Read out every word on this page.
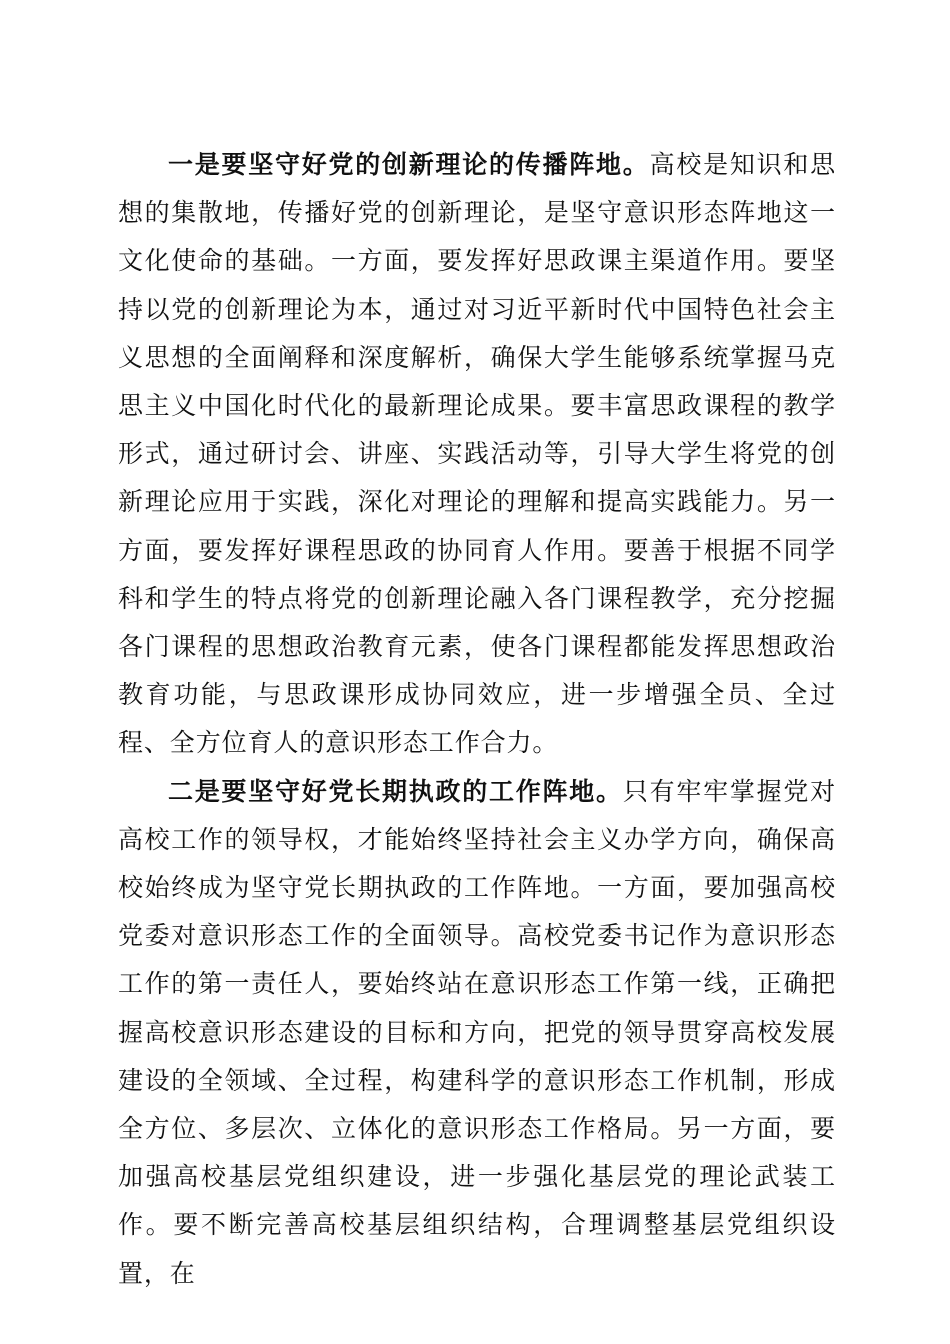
一是要坚守好党的创新理论的传播阵地。高校是知识和思想的集散地，传播好党的创新理论，是坚守意识形态阵地这一文化使命的基础。一方面，要发挥好思政课主渠道作用。要坚持以党的创新理论为本，通过对习近平新时代中国特色社会主义思想的全面阐释和深度解析，确保大学生能够系统掌握马克思主义中国化时代化的最新理论成果。要丰富思政课程的教学形式，通过研讨会、讲座、实践活动等，引导大学生将党的创新理论应用于实践，深化对理论的理解和提高实践能力。另一方面，要发挥好课程思政的协同育人作用。要善于根据不同学科和学生的特点将党的创新理论融入各门课程教学，充分挖掘各门课程的思想政治教育元素，使各门课程都能发挥思想政治教育功能，与思政课形成协同效应，进一步增强全员、全过程、全方位育人的意识形态工作合力。

二是要坚守好党长期执政的工作阵地。只有牢牢掌握党对高校工作的领导权，才能始终坚持社会主义办学方向，确保高校始终成为坚守党长期执政的工作阵地。一方面，要加强高校党委对意识形态工作的全面领导。高校党委书记作为意识形态工作的第一责任人，要始终站在意识形态工作第一线，正确把握高校意识形态建设的目标和方向，把党的领导贯穿高校发展建设的全领域、全过程，构建科学的意识形态工作机制，形成全方位、多层次、立体化的意识形态工作格局。另一方面，要加强高校基层党组织建设，进一步强化基层党的理论武装工作。要不断完善高校基层组织结构，合理调整基层党组织设置，在
